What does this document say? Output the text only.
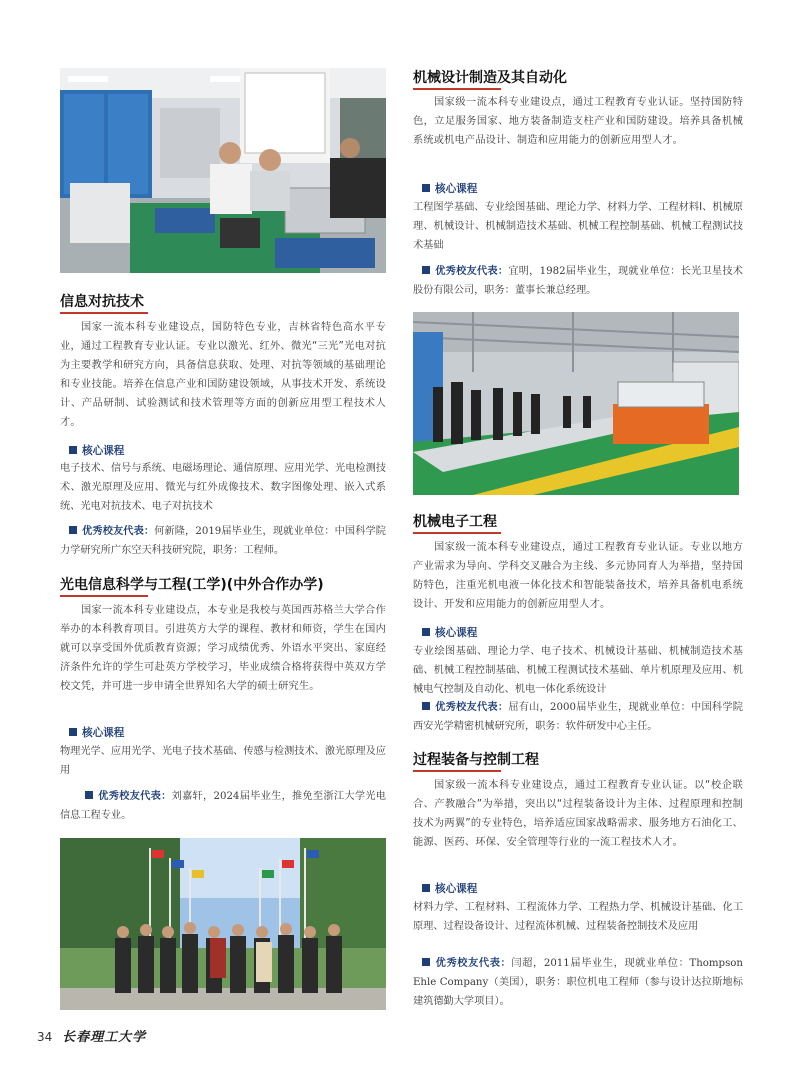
信息对抗技术

国家一流本科专业建设点，国防特色专业，吉林省特色高水平专业，通过工程教育专业认证。专业以激光、红外、微光“三光”光电对抗为主要教学和研究方向，具备信息获取、处理、对抗等领域的基础理论和专业技能。培养在信息产业和国防建设领域，从事技术开发、系统设计、产品研制、试验测试和技术管理等方面的创新应用型工程技术人才。

核心课程
电子技术、信号与系统、电磁场理论、通信原理、应用光学、光电检测技术、激光原理及应用、微光与红外成像技术、数字图像处理、嵌入式系统、光电对抗技术、电子对抗技术
优秀校友代表：何新隆，2019届毕业生，现就业单位：中国科学院力学研究所广东空天科技研究院，职务：工程师。
光电信息科学与工程(工学)(中外合作办学)

国家一流本科专业建设点，本专业是我校与英国西苏格兰大学合作举办的本科教育项目。引进英方大学的课程、教材和师资，学生在国内就可以享受国外优质教育资源；学习成绩优秀、外语水平突出、家庭经济条件允许的学生可赴英方学校学习，毕业成绩合格将获得中英双方学校文凭，并可进一步申请全世界知名大学的硕士研究生。

核心课程
物理光学、应用光学、光电子技术基础、传感与检测技术、激光原理及应用
优秀校友代表：刘嘉轩，2024届毕业生，推免至浙江大学光电信息工程专业。
机械设计制造及其自动化

国家级一流本科专业建设点，通过工程教育专业认证。坚持国防特色，立足服务国家、地方装备制造支柱产业和国防建设。培养具备机械系统或机电产品设计、制造和应用能力的创新应用型人才。

核心课程
工程图学基础、专业绘图基础、理论力学、材料力学、工程材料Ⅰ、机械原理、机械设计、机械制造技术基础、机械工程控制基础、机械工程测试技术基础
优秀校友代表：宜明，1982届毕业生，现就业单位：长光卫星技术股份有限公司，职务：董事长兼总经理。
机械电子工程

国家级一流本科专业建设点，通过工程教育专业认证。专业以地方产业需求为导向、学科交叉融合为主线、多元协同育人为举措，坚持国防特色，注重光机电液一体化技术和智能装备技术，培养具备机电系统设计、开发和应用能力的创新应用型人才。

核心课程
专业绘图基础、理论力学、电子技术、机械设计基础、机械制造技术基础、机械工程控制基础、机械工程测试技术基础、单片机原理及应用、机械电气控制及自动化、机电一体化系统设计
优秀校友代表：屈有山，2000届毕业生，现就业单位：中国科学院西安光学精密机械研究所，职务：软件研发中心主任。
过程装备与控制工程

国家级一流本科专业建设点，通过工程教育专业认证。以“校企联合、产教融合”为举措，突出以“过程装备设计为主体、过程原理和控制技术为两翼”的专业特色，培养适应国家战略需求、服务地方石油化工、能源、医药、环保、安全管理等行业的一流工程技术人才。

核心课程
材料力学、工程材料、工程流体力学、工程热力学、机械设计基础、化工原理、过程设备设计、过程流体机械、过程装备控制技术及应用
优秀校友代表：闫超，2011届毕业生，现就业单位：Thompson Ehle Company（美国），职务：职位机电工程师（参与设计达拉斯地标建筑德勤大学项目）。
34 长春理工大学
